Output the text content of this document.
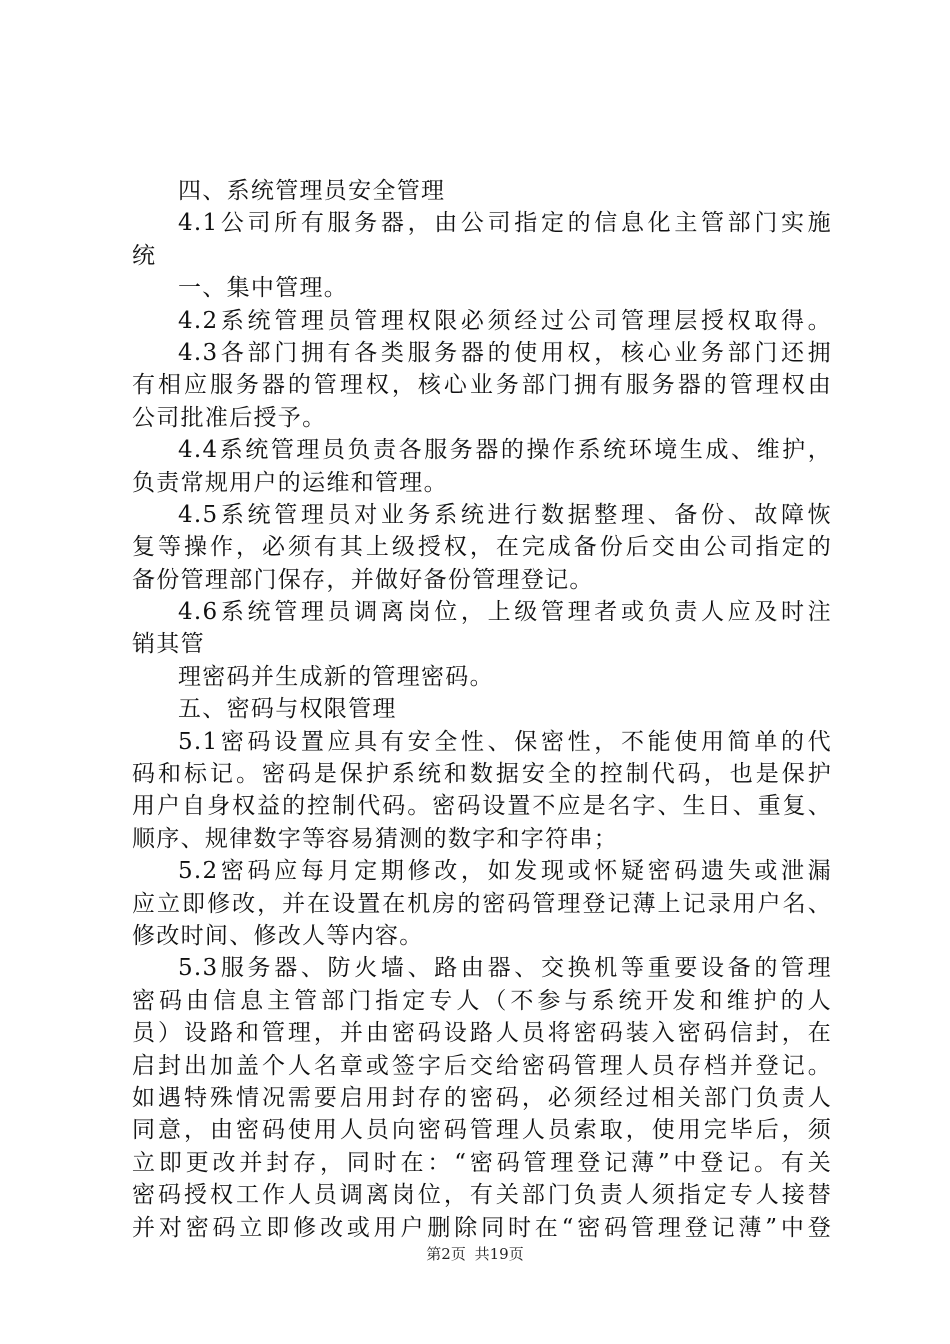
四、系统管理员安全管理
4.1公司所有服务器，由公司指定的信息化主管部门实施
统
一、集中管理。
4.2系统管理员管理权限必须经过公司管理层授权取得。
4.3各部门拥有各类服务器的使用权，核心业务部门还拥
有相应服务器的管理权，核心业务部门拥有服务器的管理权由
公司批准后授予。
4.4系统管理员负责各服务器的操作系统环境生成、维护，
负责常规用户的运维和管理。
4.5系统管理员对业务系统进行数据整理、备份、故障恢
复等操作，必须有其上级授权，在完成备份后交由公司指定的
备份管理部门保存，并做好备份管理登记。
4.6系统管理员调离岗位，上级管理者或负责人应及时注
销其管
理密码并生成新的管理密码。
五、密码与权限管理
5.1密码设置应具有安全性、保密性，不能使用简单的代
码和标记。密码是保护系统和数据安全的控制代码，也是保护
用户自身权益的控制代码。密码设置不应是名字、生日、重复、
顺序、规律数字等容易猜测的数字和字符串；
5.2密码应每月定期修改，如发现或怀疑密码遗失或泄漏
应立即修改，并在设置在机房的密码管理登记薄上记录用户名、
修改时间、修改人等内容。
5.3服务器、防火墙、路由器、交换机等重要设备的管理
密码由信息主管部门指定专人（不参与系统开发和维护的人
员）设路和管理，并由密码设路人员将密码装入密码信封，在
启封出加盖个人名章或签字后交给密码管理人员存档并登记。
如遇特殊情况需要启用封存的密码，必须经过相关部门负责人
同意，由密码使用人员向密码管理人员索取，使用完毕后，须
立即更改并封存，同时在：“密码管理登记薄”中登记。有关
密码授权工作人员调离岗位，有关部门负责人须指定专人接替
并对密码立即修改或用户删除同时在“密码管理登记薄”中登
第2页 共19页
